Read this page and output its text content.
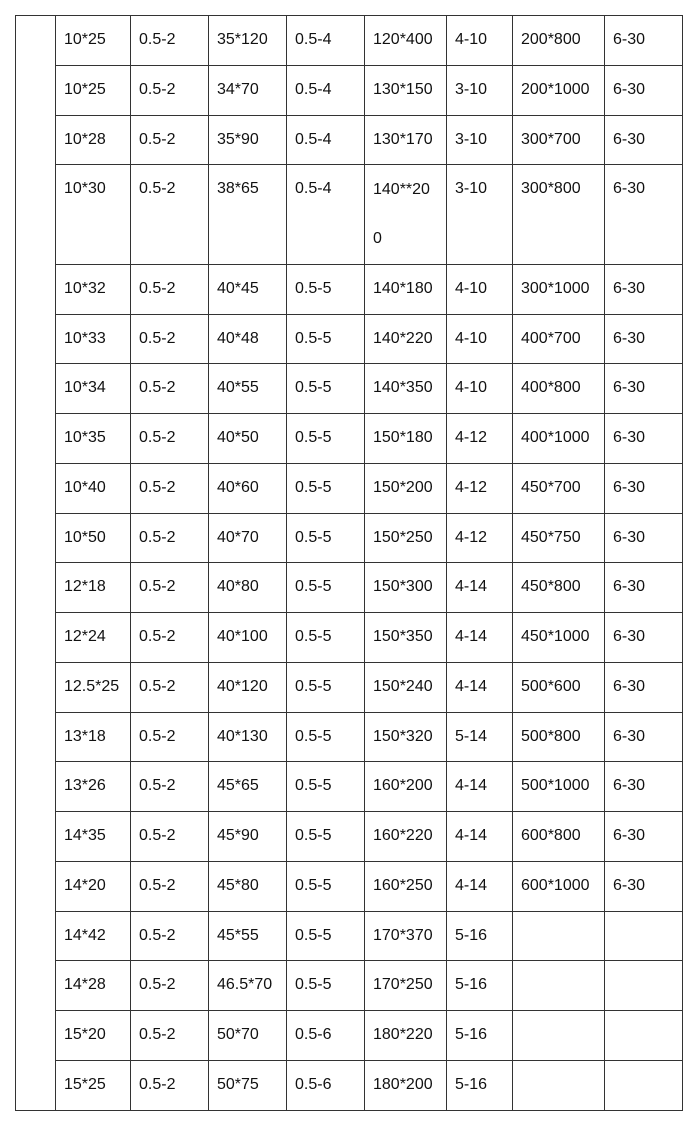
	10*25	0.5-2	35*120	0.5-4	120*400	4-10	200*800	6-30

	10*25	0.5-2	34*70	0.5-4	130*150	3-10	200*1000	6-30

	10*28	0.5-2	35*90	0.5-4	130*170	3-10	300*700	6-30

	10*30	0.5-2	38*65	0.5-4	140**20
0	3-10	300*800	6-30

	10*32	0.5-2	40*45	0.5-5	140*180	4-10	300*1000	6-30

	10*33	0.5-2	40*48	0.5-5	140*220	4-10	400*700	6-30

	10*34	0.5-2	40*55	0.5-5	140*350	4-10	400*800	6-30

	10*35	0.5-2	40*50	0.5-5	150*180	4-12	400*1000	6-30

	10*40	0.5-2	40*60	0.5-5	150*200	4-12	450*700	6-30

	10*50	0.5-2	40*70	0.5-5	150*250	4-12	450*750	6-30

	12*18	0.5-2	40*80	0.5-5	150*300	4-14	450*800	6-30

	12*24	0.5-2	40*100	0.5-5	150*350	4-14	450*1000	6-30

	12.5*25	0.5-2	40*120	0.5-5	150*240	4-14	500*600	6-30

	13*18	0.5-2	40*130	0.5-5	150*320	5-14	500*800	6-30

	13*26	0.5-2	45*65	0.5-5	160*200	4-14	500*1000	6-30

	14*35	0.5-2	45*90	0.5-5	160*220	4-14	600*800	6-30

	14*20	0.5-2	45*80	0.5-5	160*250	4-14	600*1000	6-30

	14*42	0.5-2	45*55	0.5-5	170*370	5-16		

	14*28	0.5-2	46.5*70	0.5-5	170*250	5-16		

	15*20	0.5-2	50*70	0.5-6	180*220	5-16		

	15*25	0.5-2	50*75	0.5-6	180*200	5-16		
